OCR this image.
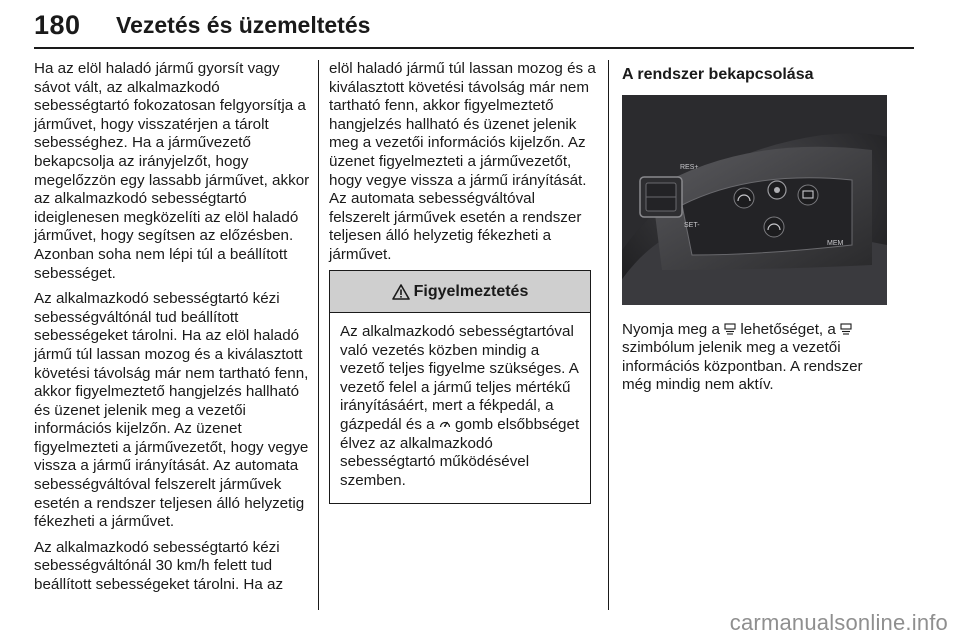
180 Vezetés és üzemeltetés

Ha az elöl haladó jármű gyorsít vagy sávot vált, az alkalmazkodó sebességtartó fokozatosan felgyorsítja a járművet, hogy visszatérjen a tárolt sebességhez. Ha a járművezető bekapcsolja az irányjelzőt, hogy megelőzzön egy lassabb járművet, akkor az alkalmazkodó sebességtartó ideiglenesen megközelíti az elöl haladó járművet, hogy segítsen az előzésben. Azonban soha nem lépi túl a beállított sebességet.

Az alkalmazkodó sebességtartó kézi sebességváltónál tud beállított sebességeket tárolni. Ha az elöl haladó jármű túl lassan mozog és a kiválasztott követési távolság már nem tartható fenn, akkor figyelmeztető hangjelzés hallható és üzenet jelenik meg a vezetői információs kijelzőn. Az üzenet figyelmezteti a járművezetőt, hogy vegye vissza a jármű irányítását. Az automata sebességváltóval felszerelt járművek esetén a rendszer teljesen álló helyzetig fékezheti a járművet.

Az alkalmazkodó sebességtartó kézi sebességváltónál 30 km/h felett tud beállított sebességeket tárolni. Ha az

elöl haladó jármű túl lassan mozog és a kiválasztott követési távolság már nem tartható fenn, akkor figyelmeztető hangjelzés hallható és üzenet jelenik meg a vezetői információs kijelzőn. Az üzenet figyelmezteti a járművezetőt, hogy vegye vissza a jármű irányítását. Az automata sebességváltóval felszerelt járművek esetén a rendszer teljesen álló helyzetig fékezheti a járművet.

Figyelmeztetés
Az alkalmazkodó sebességtartóval való vezetés közben mindig a vezető teljes figyelme szükséges. A vezető felel a jármű teljes mértékű irányításáért, mert a fékpedál, a gázpedál és a gomb elsőbbséget élvez az alkalmazkodó sebességtartó működésével szemben.
A rendszer bekapcsolása
RES+
SET-
MEM

Nyomja meg a lehetőséget, a  szimbólum jelenik meg a vezetői információs központban. A rendszer még mindig nem aktív.

carmanualsonline.info
